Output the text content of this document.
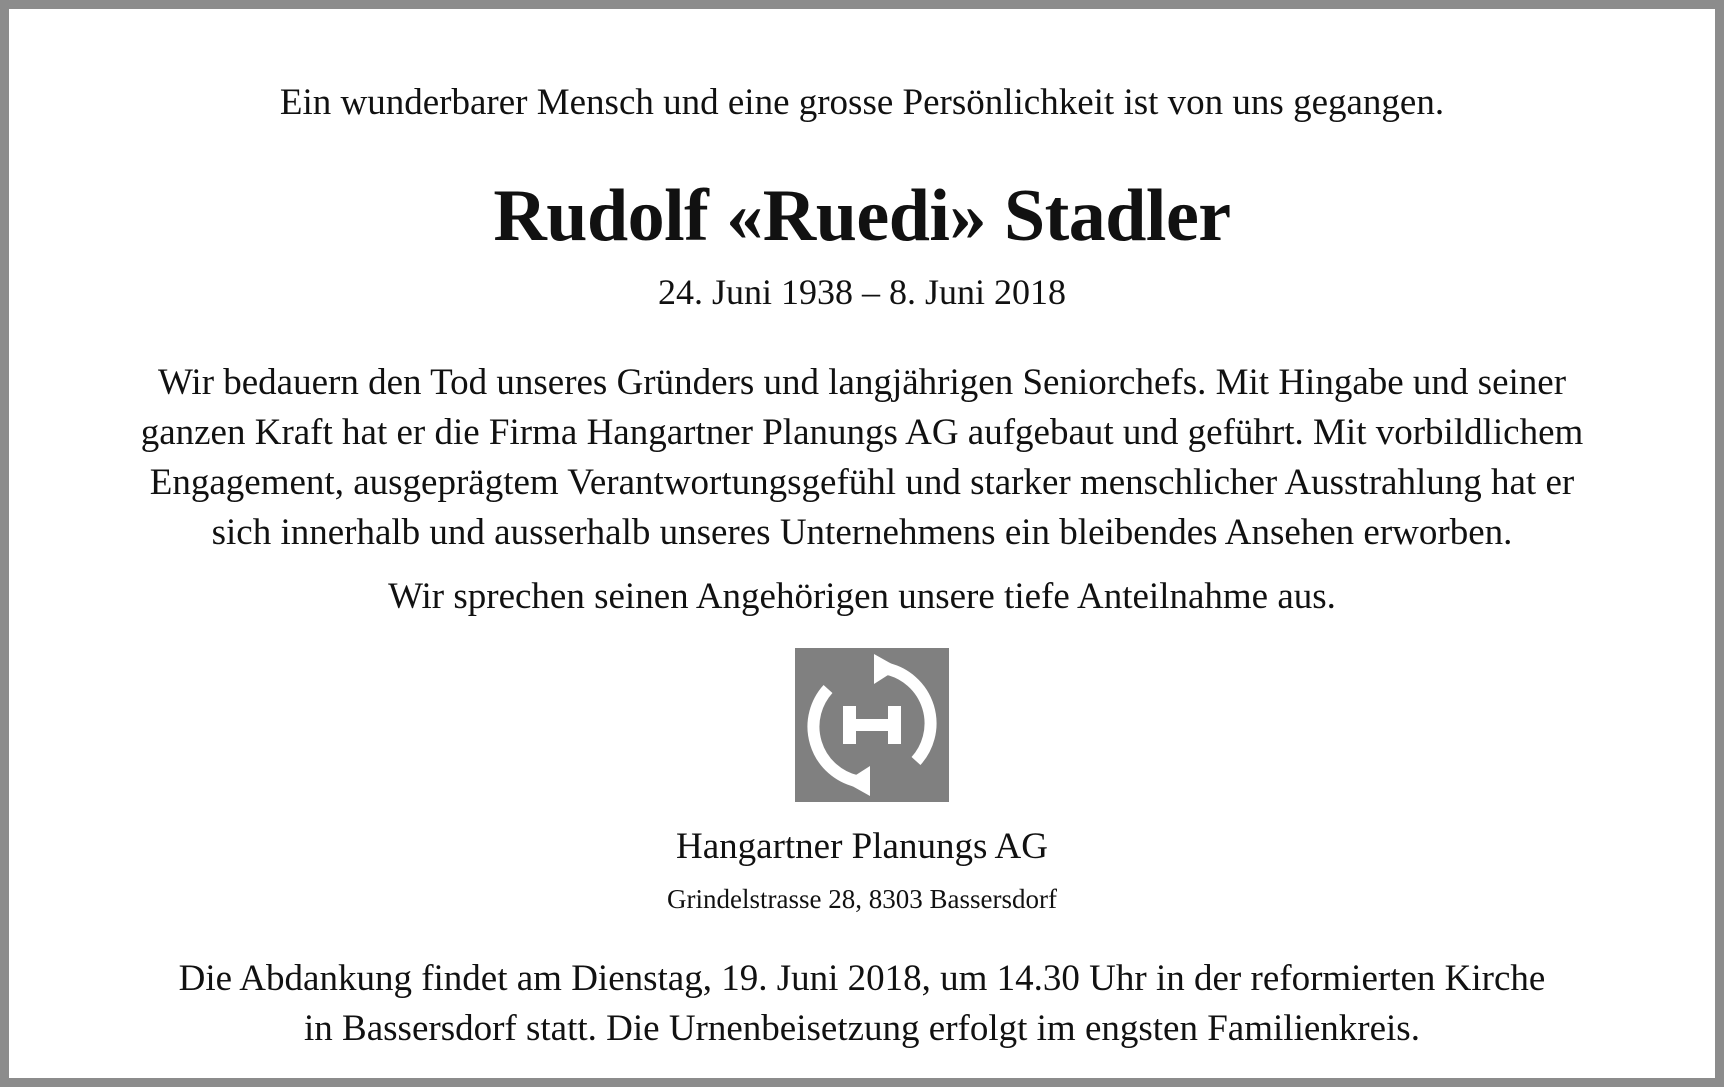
Ein wunderbarer Mensch und eine grosse Persönlichkeit ist von uns gegangen.

Rudolf «Ruedi» Stadler

24. Juni 1938 – 8. Juni 2018

Wir bedauern den Tod unseres Gründers und langjährigen Seniorchefs. Mit Hingabe und seiner
ganzen Kraft hat er die Firma Hangartner Planungs AG aufgebaut und geführt. Mit vorbildlichem
Engagement, ausgeprägtem Verantwortungsgefühl und starker menschlicher Ausstrahlung hat er
sich innerhalb und ausserhalb unseres Unternehmens ein bleibendes Ansehen erworben.

Wir sprechen seinen Angehörigen unsere tiefe Anteilnahme aus.

Hangartner Planungs AG

Grindelstrasse 28, 8303 Bassersdorf

Die Abdankung findet am Dienstag, 19. Juni 2018, um 14.30 Uhr in der reformierten Kirche
in Bassersdorf statt. Die Urnenbeisetzung erfolgt im engsten Familienkreis.
